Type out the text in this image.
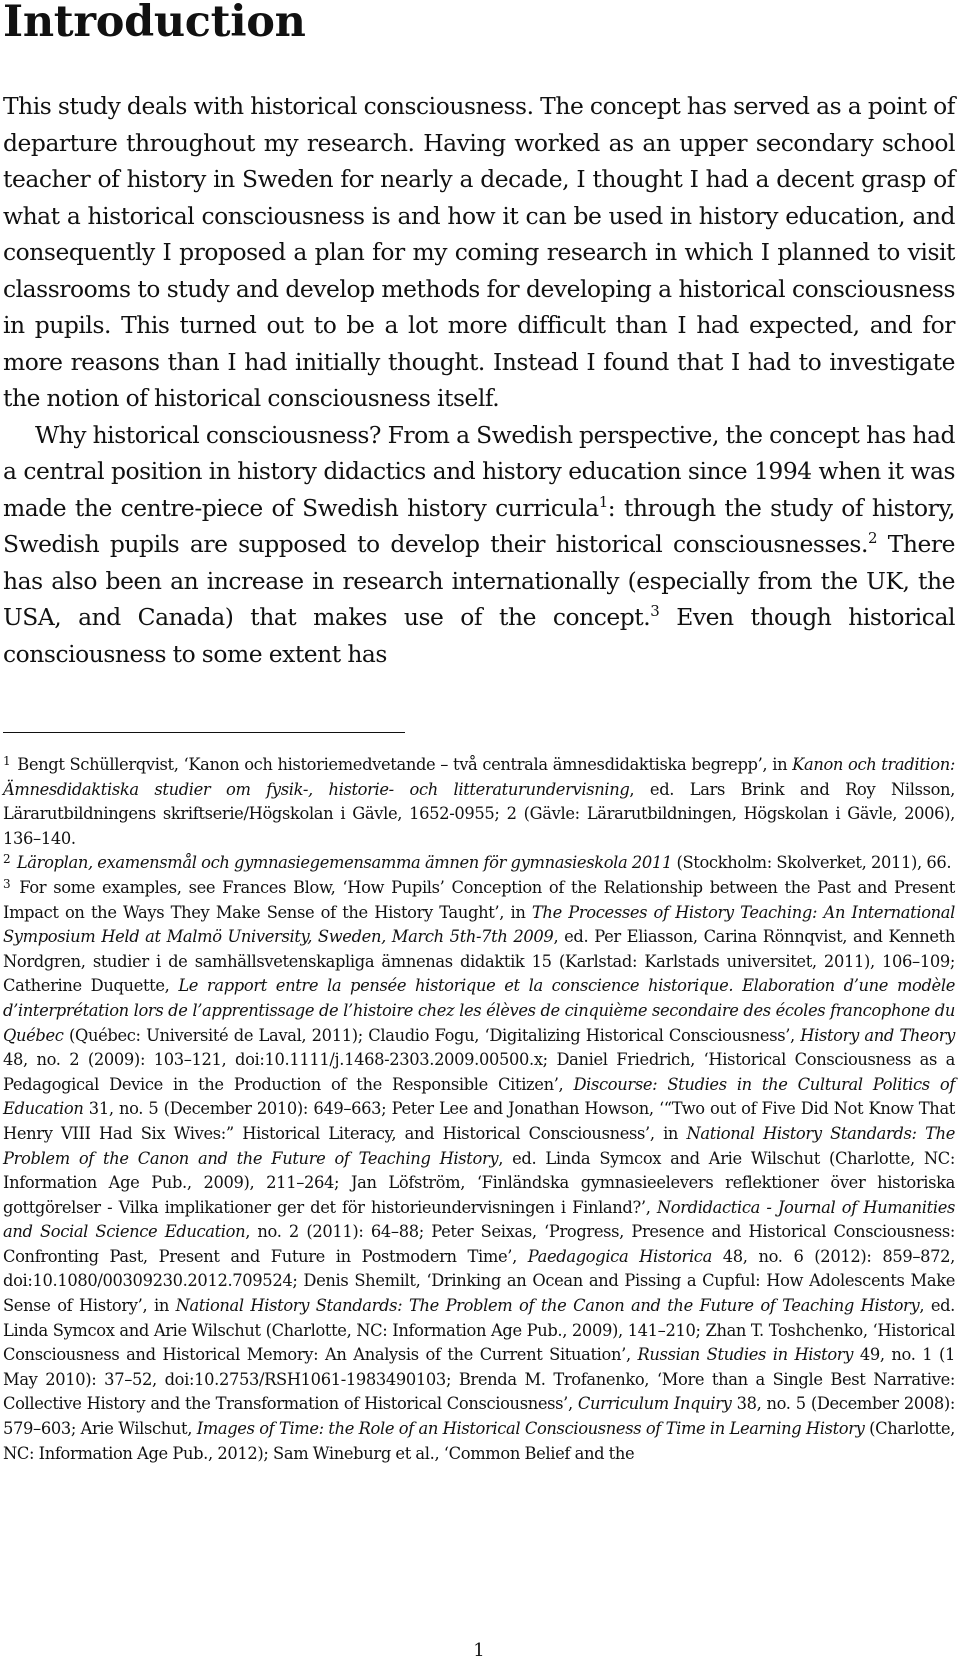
Introduction

This study deals with historical consciousness. The concept has served as a point of departure throughout my research. Having worked as an upper secondary school teacher of history in Sweden for nearly a decade, I thought I had a decent grasp of what a historical consciousness is and how it can be used in history education, and consequently I proposed a plan for my coming research in which I planned to visit classrooms to study and develop methods for developing a historical consciousness in pupils. This turned out to be a lot more difficult than I had expected, and for more reasons than I had initially thought. Instead I found that I had to investigate the notion of historical consciousness itself.

Why historical consciousness? From a Swedish perspective, the concept has had a central position in history didactics and history education since 1994 when it was made the centre-piece of Swedish history curricula$^1$: through the study of history, Swedish pupils are supposed to develop their historical consciousnesses.$^2$ There has also been an increase in research internationally (especially from the UK, the USA, and Canada) that makes use of the concept.$^3$ Even though historical consciousness to some extent has

$^1$ Bengt Schüllerqvist, ‘Kanon och historiemedvetande – två centrala ämnesdidaktiska begrepp’, in Kanon och tradition: Ämnesdidaktiska studier om fysik-, historie- och litteraturundervisning, ed. Lars Brink and Roy Nilsson, Lärarutbildningens skriftserie/Högskolan i Gävle, 1652-0955; 2 (Gävle: Lärarutbildningen, Högskolan i Gävle, 2006), 136–140.

$^2$ Läroplan, examensmål och gymnasiegemensamma ämnen för gymnasieskola 2011 (Stockholm: Skolverket, 2011), 66.

$^3$ For some examples, see Frances Blow, ‘How Pupils’ Conception of the Relationship between the Past and Present Impact on the Ways They Make Sense of the History Taught’, in The Processes of History Teaching: An International Symposium Held at Malmö University, Sweden, March 5th-7th 2009, ed. Per Eliasson, Carina Rönnqvist, and Kenneth Nordgren, studier i de samhällsvetenskapliga ämnenas didaktik 15 (Karlstad: Karlstads universitet, 2011), 106–109; Catherine Duquette, Le rapport entre la pensée historique et la conscience historique. Elaboration d’une modèle d’interprétation lors de l’apprentissage de l’histoire chez les élèves de cinquième secondaire des écoles francophone du Québec (Québec: Université de Laval, 2011); Claudio Fogu, ‘Digitalizing Historical Consciousness’, History and Theory 48, no. 2 (2009): 103–121, doi:10.1111/j.1468-2303.2009.00500.x; Daniel Friedrich, ‘Historical Consciousness as a Pedagogical Device in the Production of the Responsible Citizen’, Discourse: Studies in the Cultural Politics of Education 31, no. 5 (December 2010): 649–663; Peter Lee and Jonathan Howson, ‘“Two out of Five Did Not Know That Henry VIII Had Six Wives:” Historical Literacy, and Historical Consciousness’, in National History Standards: The Problem of the Canon and the Future of Teaching History, ed. Linda Symcox and Arie Wilschut (Charlotte, NC: Information Age Pub., 2009), 211–264; Jan Löfström, ‘Finländska gymnasieelevers reflektioner över historiska gottgörelser - Vilka implikationer ger det för historieundervisningen i Finland?’, Nordidactica - Journal of Humanities and Social Science Education, no. 2 (2011): 64–88; Peter Seixas, ‘Progress, Presence and Historical Consciousness: Confronting Past, Present and Future in Postmodern Time’, Paedagogica Historica 48, no. 6 (2012): 859–872, doi:10.1080/00309230.2012.709524; Denis Shemilt, ‘Drinking an Ocean and Pissing a Cupful: How Adolescents Make Sense of History’, in National History Standards: The Problem of the Canon and the Future of Teaching History, ed. Linda Symcox and Arie Wilschut (Charlotte, NC: Information Age Pub., 2009), 141–210; Zhan T. Toshchenko, ‘Historical Consciousness and Historical Memory: An Analysis of the Current Situation’, Russian Studies in History 49, no. 1 (1 May 2010): 37–52, doi:10.2753/RSH1061-1983490103; Brenda M. Trofanenko, ‘More than a Single Best Narrative: Collective History and the Transformation of Historical Consciousness’, Curriculum Inquiry 38, no. 5 (December 2008): 579–603; Arie Wilschut, Images of Time: the Role of an Historical Consciousness of Time in Learning History (Charlotte, NC: Information Age Pub., 2012); Sam Wineburg et al., ‘Common Belief and the

1
